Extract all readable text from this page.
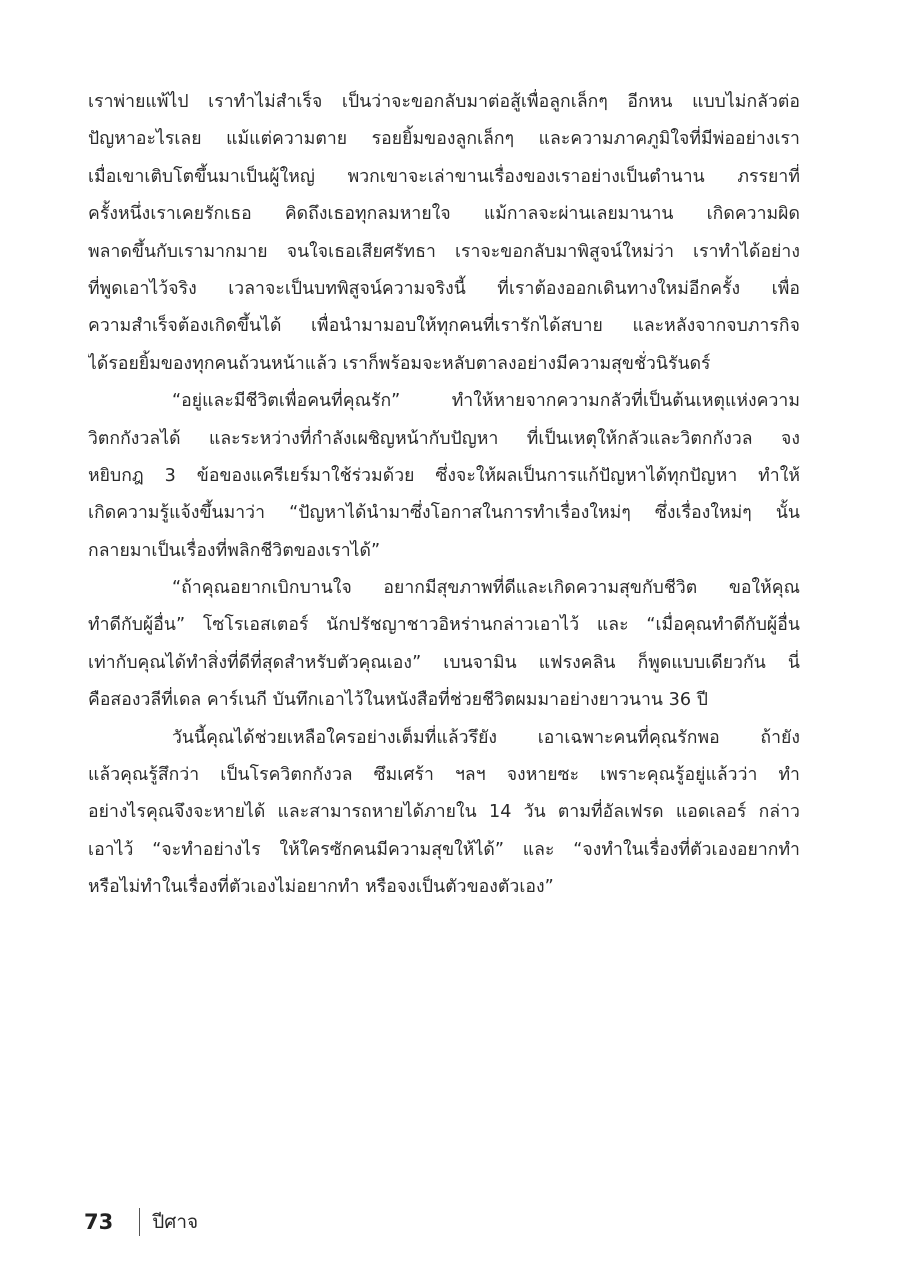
เราพ่ายแพ้ไป เราทำไม่สำเร็จ เป็นว่าจะขอกลับมาต่อสู้เพื่อลูกเล็กๆ อีกหน แบบไม่กลัวต่อ
ปัญหาอะไรเลย แม้แต่ความตาย รอยยิ้มของลูกเล็กๆ และความภาคภูมิใจที่มีพ่ออย่างเรา
เมื่อเขาเติบโตขึ้นมาเป็นผู้ใหญ่ พวกเขาจะเล่าขานเรื่องของเราอย่างเป็นตำนาน ภรรยาที่
ครั้งหนึ่งเราเคยรักเธอ คิดถึงเธอทุกลมหายใจ แม้กาลจะผ่านเลยมานาน เกิดความผิด
พลาดขึ้นกับเรามากมาย จนใจเธอเสียศรัทธา เราจะขอกลับมาพิสูจน์ใหม่ว่า เราทำได้อย่าง
ที่พูดเอาไว้จริง เวลาจะเป็นบทพิสูจน์ความจริงนี้ ที่เราต้องออกเดินทางใหม่อีกครั้ง เพื่อ
ความสำเร็จต้องเกิดขึ้นได้ เพื่อนำมามอบให้ทุกคนที่เรารักได้สบาย และหลังจากจบภารกิจ
ได้รอยยิ้มของทุกคนถ้วนหน้าแล้ว เราก็พร้อมจะหลับตาลงอย่างมีความสุขชั่วนิรันดร์
“อยู่และมีชีวิตเพื่อคนที่คุณรัก” ทำให้หายจากความกลัวที่เป็นต้นเหตุแห่งความ
วิตกกังวลได้ และระหว่างที่กำลังเผชิญหน้ากับปัญหา ที่เป็นเหตุให้กลัวและวิตกกังวล จง
หยิบกฎ 3 ข้อของแครีเยร์มาใช้ร่วมด้วย ซึ่งจะให้ผลเป็นการแก้ปัญหาได้ทุกปัญหา ทำให้
เกิดความรู้แจ้งขึ้นมาว่า “ปัญหาได้นำมาซึ่งโอกาสในการทำเรื่องใหม่ๆ ซึ่งเรื่องใหม่ๆ นั้น
กลายมาเป็นเรื่องที่พลิกชีวิตของเราได้”
“ถ้าคุณอยากเบิกบานใจ อยากมีสุขภาพที่ดีและเกิดความสุขกับชีวิต ขอให้คุณ
ทำดีกับผู้อื่น” โซโรเอสเตอร์ นักปรัชญาชาวอิหร่านกล่าวเอาไว้ และ “เมื่อคุณทำดีกับผู้อื่น
เท่ากับคุณได้ทำสิ่งที่ดีที่สุดสำหรับตัวคุณเอง” เบนจามิน แฟรงคลิน ก็พูดแบบเดียวกัน นี่
คือสองวลีที่เดล คาร์เนกี บันทึกเอาไว้ในหนังสือที่ช่วยชีวิตผมมาอย่างยาวนาน 36 ปี
วันนี้คุณได้ช่วยเหลือใครอย่างเต็มที่แล้วรึยัง เอาเฉพาะคนที่คุณรักพอ ถ้ายัง
แล้วคุณรู้สึกว่า เป็นโรควิตกกังวล ซึมเศร้า ฯลฯ จงหายซะ เพราะคุณรู้อยู่แล้วว่า ทำ
อย่างไรคุณจึงจะหายได้ และสามารถหายได้ภายใน 14 วัน ตามที่อัลเฟรด แอดเลอร์ กล่าว
เอาไว้ “จะทำอย่างไร ให้ใครซักคนมีความสุขให้ได้” และ “จงทำในเรื่องที่ตัวเองอยากทำ
หรือไม่ทำในเรื่องที่ตัวเองไม่อยากทำ หรือจงเป็นตัวของตัวเอง”
73 ปีศาจ
